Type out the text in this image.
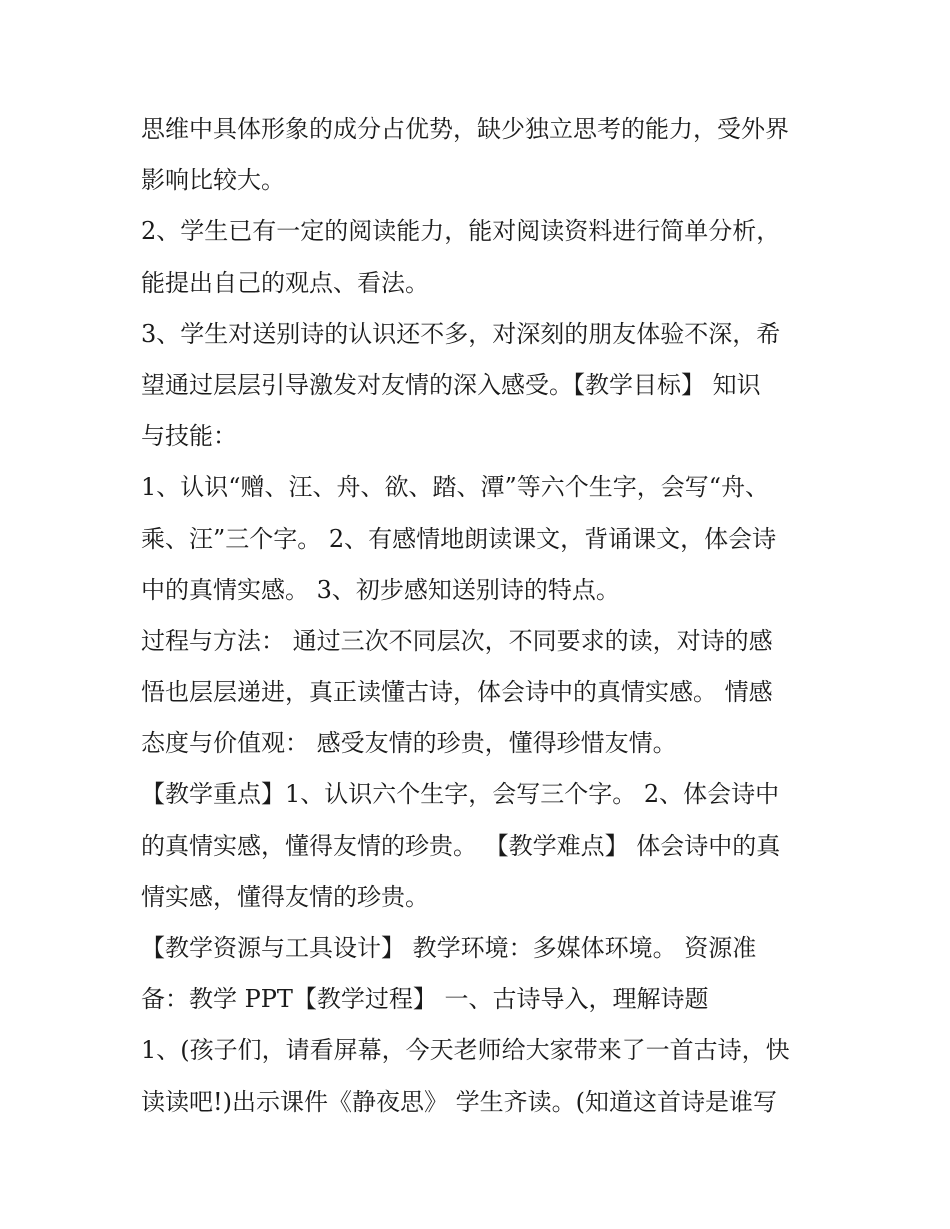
思维中具体形象的成分占优势，缺少独立思考的能力，受外界
影响比较大。
2、学生已有一定的阅读能力，能对阅读资料进行简单分析，
能提出自己的观点、看法。
3、学生对送别诗的认识还不多，对深刻的朋友体验不深，希
望通过层层引导激发对友情的深入感受。【教学目标】 知识
与技能：
1、认识“赠、汪、舟、欲、踏、潭”等六个生字，会写“舟、
乘、汪”三个字。 2、有感情地朗读课文，背诵课文，体会诗
中的真情实感。 3、初步感知送别诗的特点。
过程与方法： 通过三次不同层次，不同要求的读，对诗的感
悟也层层递进，真正读懂古诗，体会诗中的真情实感。 情感
态度与价值观： 感受友情的珍贵，懂得珍惜友情。
【教学重点】1、认识六个生字，会写三个字。 2、体会诗中
的真情实感，懂得友情的珍贵。 【教学难点】 体会诗中的真
情实感，懂得友情的珍贵。
【教学资源与工具设计】 教学环境：多媒体环境。 资源准
备：教学 PPT【教学过程】 一、古诗导入，理解诗题
1、(孩子们，请看屏幕，今天老师给大家带来了一首古诗，快
读读吧!)出示课件《静夜思》 学生齐读。(知道这首诗是谁写
